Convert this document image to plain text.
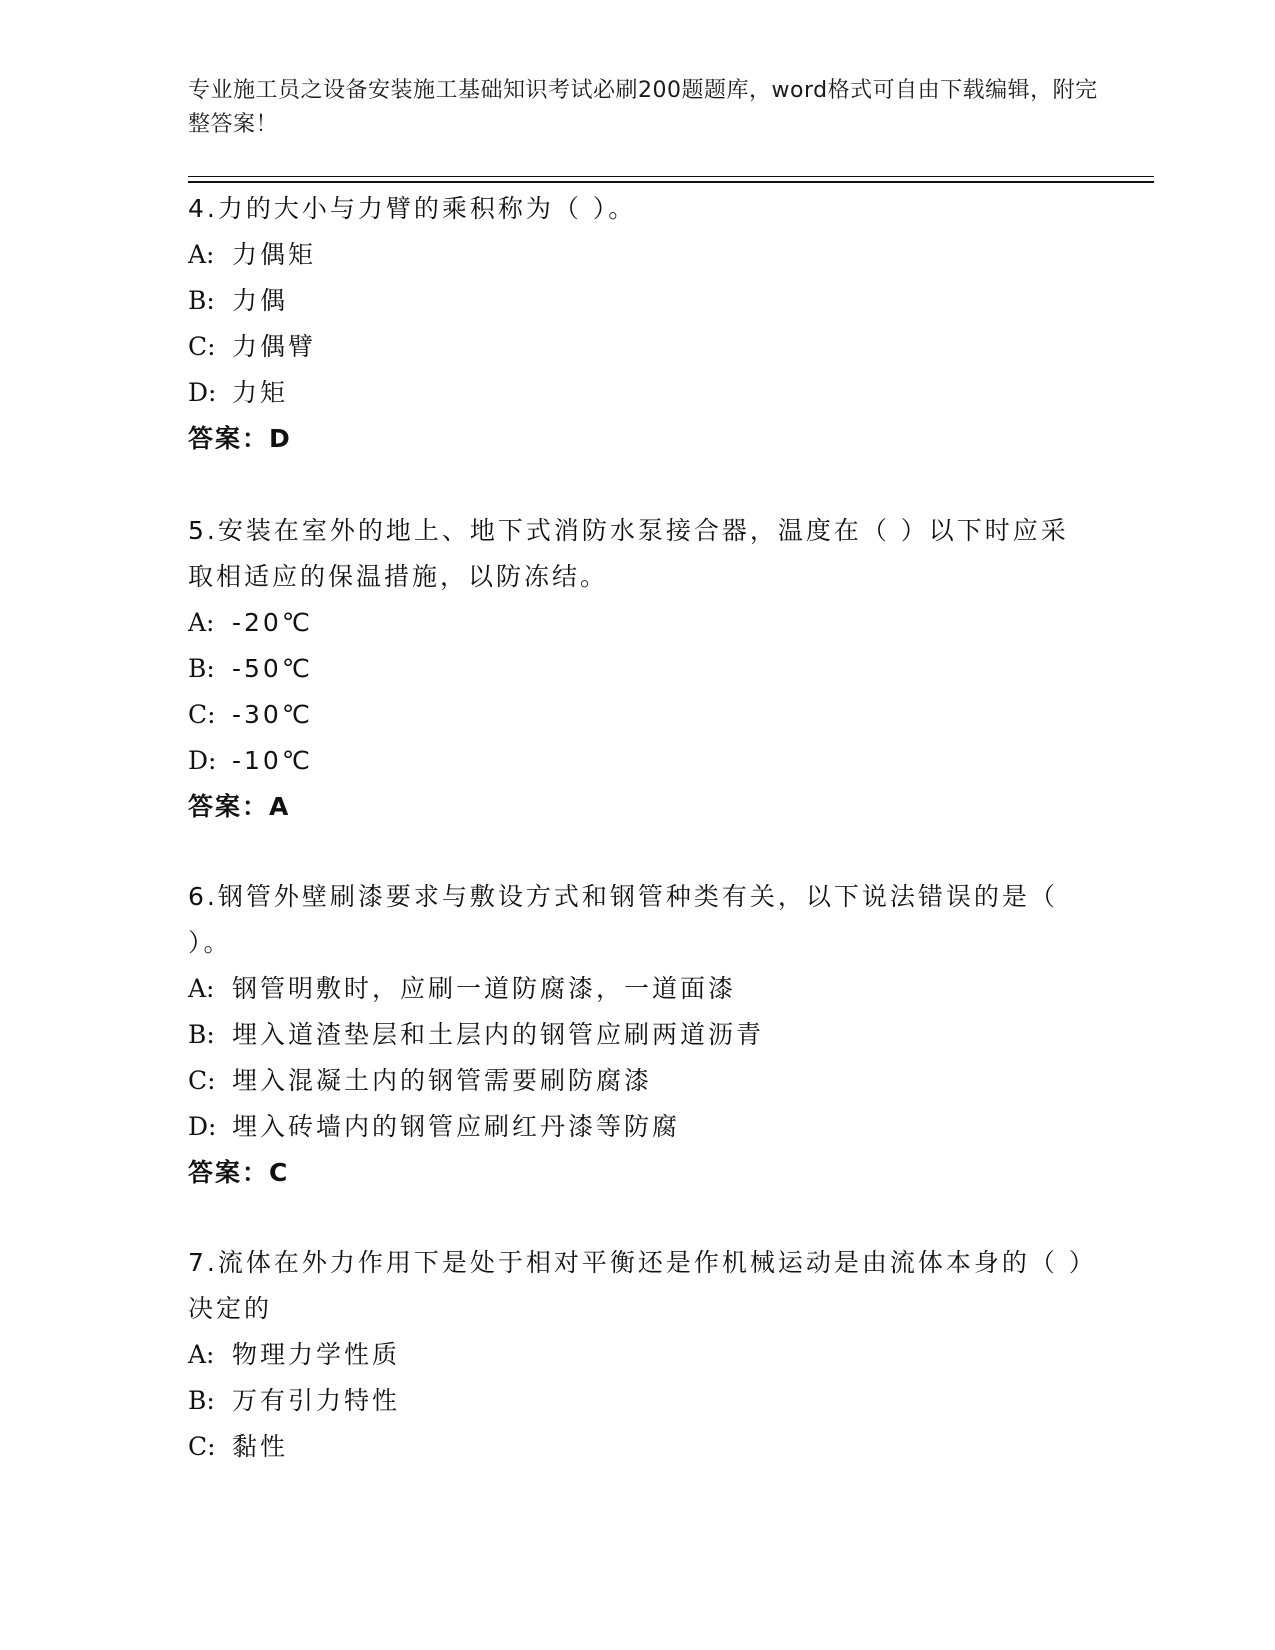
专业施工员之设备安装施工基础知识考试必刷200题题库，word格式可自由下载编辑，附完整答案！

4.力的大小与力臂的乘积称为（ ）。

A: 力偶矩

B: 力偶

C: 力偶臂

D: 力矩

答案：D

5.安装在室外的地上、地下式消防水泵接合器，温度在（ ）以下时应采取相适应的保温措施，以防冻结。

A: -20℃

B: -50℃

C: -30℃

D: -10℃

答案：A

6.钢管外壁刷漆要求与敷设方式和钢管种类有关，以下说法错误的是（ ）。

A: 钢管明敷时，应刷一道防腐漆，一道面漆

B: 埋入道渣垫层和土层内的钢管应刷两道沥青

C: 埋入混凝土内的钢管需要刷防腐漆

D: 埋入砖墙内的钢管应刷红丹漆等防腐

答案：C

7.流体在外力作用下是处于相对平衡还是作机械运动是由流体本身的（ ）决定的

A: 物理力学性质

B: 万有引力特性

C: 黏性
